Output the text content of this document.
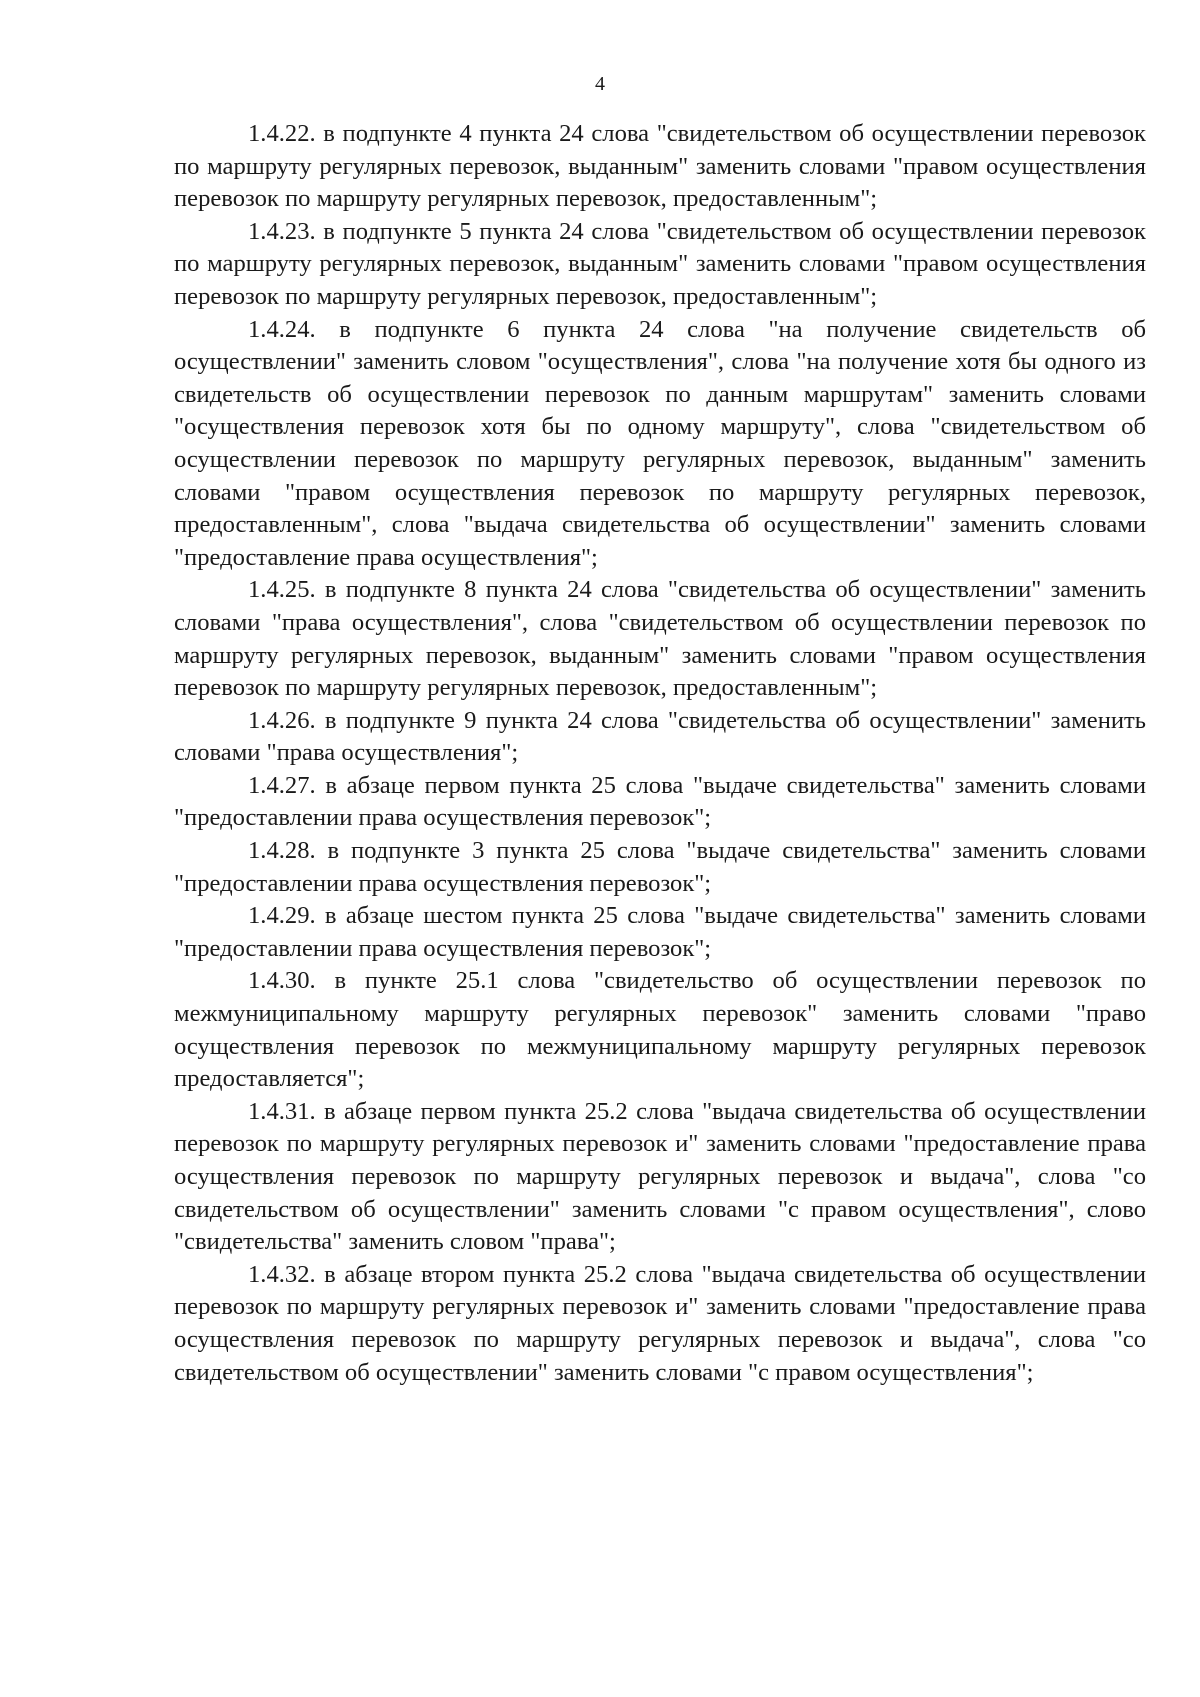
4

1.4.22. в подпункте 4 пункта 24 слова "свидетельством об осуществлении перевозок по маршруту регулярных перевозок, выданным" заменить словами "правом осуществления перевозок по маршруту регулярных перевозок, предоставленным";

1.4.23. в подпункте 5 пункта 24 слова "свидетельством об осуществлении перевозок по маршруту регулярных перевозок, выданным" заменить словами "правом осуществления перевозок по маршруту регулярных перевозок, предоставленным";

1.4.24. в подпункте 6 пункта 24 слова "на получение свидетельств об осуществлении" заменить словом "осуществления", слова "на получение хотя бы одного из свидетельств об осуществлении перевозок по данным маршрутам" заменить словами "осуществления перевозок хотя бы по одному маршруту", слова "свидетельством об осуществлении перевозок по маршруту регулярных перевозок, выданным" заменить словами "правом осуществления перевозок по маршруту регулярных перевозок, предоставленным", слова "выдача свидетельства об осуществлении" заменить словами "предоставление права осуществления";

1.4.25. в подпункте 8 пункта 24 слова "свидетельства об осуществлении" заменить словами "права осуществления", слова "свидетельством об осуществлении перевозок по маршруту регулярных перевозок, выданным" заменить словами "правом осуществления перевозок по маршруту регулярных перевозок, предоставленным";

1.4.26. в подпункте 9 пункта 24 слова "свидетельства об осуществлении" заменить словами "права осуществления";

1.4.27. в абзаце первом пункта 25 слова "выдаче свидетельства" заменить словами "предоставлении права осуществления перевозок";

1.4.28. в подпункте 3 пункта 25 слова "выдаче свидетельства" заменить словами "предоставлении права осуществления перевозок";

1.4.29. в абзаце шестом пункта 25 слова "выдаче свидетельства" заменить словами "предоставлении права осуществления перевозок";

1.4.30. в пункте 25.1 слова "свидетельство об осуществлении перевозок по межмуниципальному маршруту регулярных перевозок" заменить словами "право осуществления перевозок по межмуниципальному маршруту регулярных перевозок предоставляется";

1.4.31. в абзаце первом пункта 25.2 слова "выдача свидетельства об осуществлении перевозок по маршруту регулярных перевозок и" заменить словами "предоставление права осуществления перевозок по маршруту регулярных перевозок и выдача", слова "со свидетельством об осуществлении" заменить словами "с правом осуществления", слово "свидетельства" заменить словом "права";

1.4.32. в абзаце втором пункта 25.2 слова "выдача свидетельства об осуществлении перевозок по маршруту регулярных перевозок и" заменить словами "предоставление права осуществления перевозок по маршруту регулярных перевозок и выдача", слова "со свидетельством об осуществлении" заменить словами "с правом осуществления";
